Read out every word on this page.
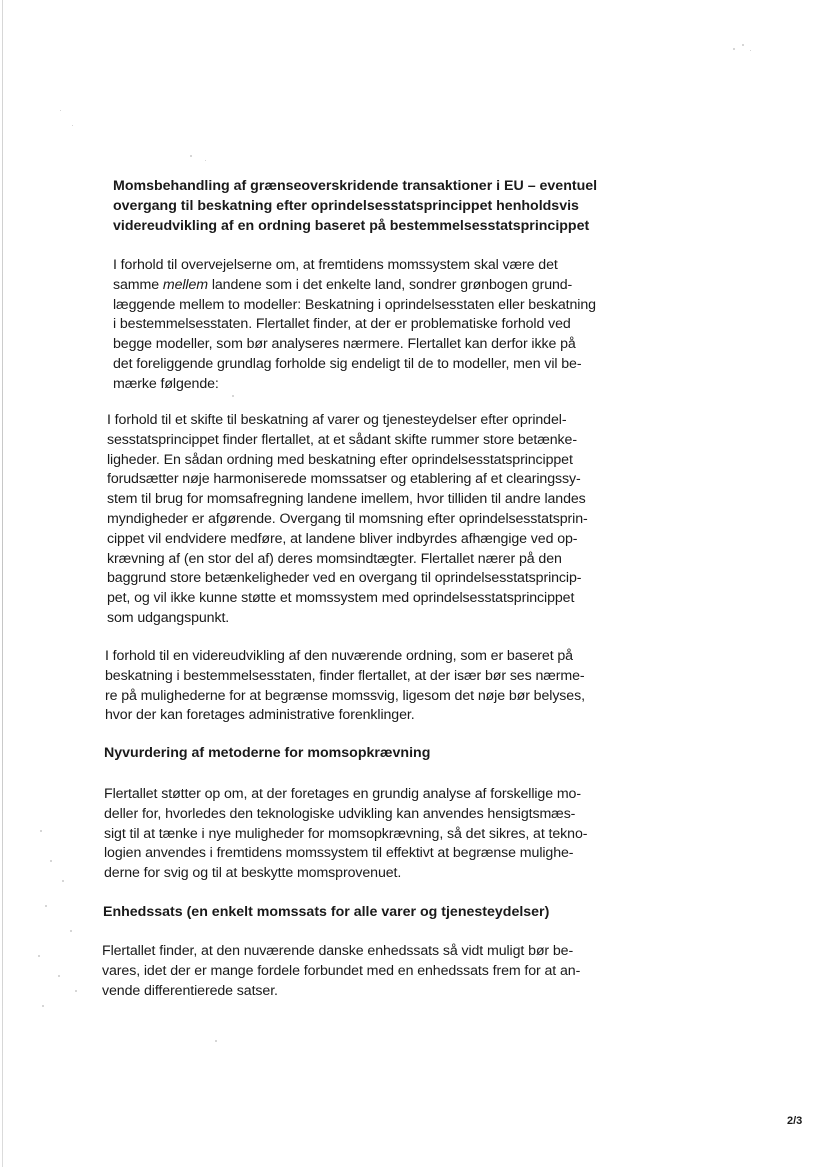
Momsbehandling af grænseoverskridende transaktioner i EU – eventuel
overgang til beskatning efter oprindelsesstatsprincippet henholdsvis
videreudvikling af en ordning baseret på bestemmelsesstatsprincippet
I forhold til overvejelserne om, at fremtidens momssystem skal være det
samme mellem landene som i det enkelte land, sondrer grønbogen grund-
læggende mellem to modeller: Beskatning i oprindelsesstaten eller beskatning
i bestemmelsesstaten. Flertallet finder, at der er problematiske forhold ved
begge modeller, som bør analyseres nærmere. Flertallet kan derfor ikke på
det foreliggende grundlag forholde sig endeligt til de to modeller, men vil be-
mærke følgende:
I forhold til et skifte til beskatning af varer og tjenesteydelser efter oprindel-
sesstatsprincippet finder flertallet, at et sådant skifte rummer store betænke-
ligheder. En sådan ordning med beskatning efter oprindelsesstatsprincippet
forudsætter nøje harmoniserede momssatser og etablering af et clearingssy-
stem til brug for momsafregning landene imellem, hvor tilliden til andre landes
myndigheder er afgørende. Overgang til momsning efter oprindelsesstatsprin-
cippet vil endvidere medføre, at landene bliver indbyrdes afhængige ved op-
krævning af (en stor del af) deres momsindtægter. Flertallet nærer på den
baggrund store betænkeligheder ved en overgang til oprindelsesstatsprincip-
pet, og vil ikke kunne støtte et momssystem med oprindelsesstatsprincippet
som udgangspunkt.
I forhold til en videreudvikling af den nuværende ordning, som er baseret på
beskatning i bestemmelsesstaten, finder flertallet, at der især bør ses nærme-
re på mulighederne for at begrænse momssvig, ligesom det nøje bør belyses,
hvor der kan foretages administrative forenklinger.
Nyvurdering af metoderne for momsopkrævning
Flertallet støtter op om, at der foretages en grundig analyse af forskellige mo-
deller for, hvorledes den teknologiske udvikling kan anvendes hensigtsmæs-
sigt til at tænke i nye muligheder for momsopkrævning, så det sikres, at tekno-
logien anvendes i fremtidens momssystem til effektivt at begrænse mulighe-
derne for svig og til at beskytte momsprovenuet.
Enhedssats (en enkelt momssats for alle varer og tjenesteydelser)
Flertallet finder, at den nuværende danske enhedssats så vidt muligt bør be-
vares, idet der er mange fordele forbundet med en enhedssats frem for at an-
vende differentierede satser.
2/3
